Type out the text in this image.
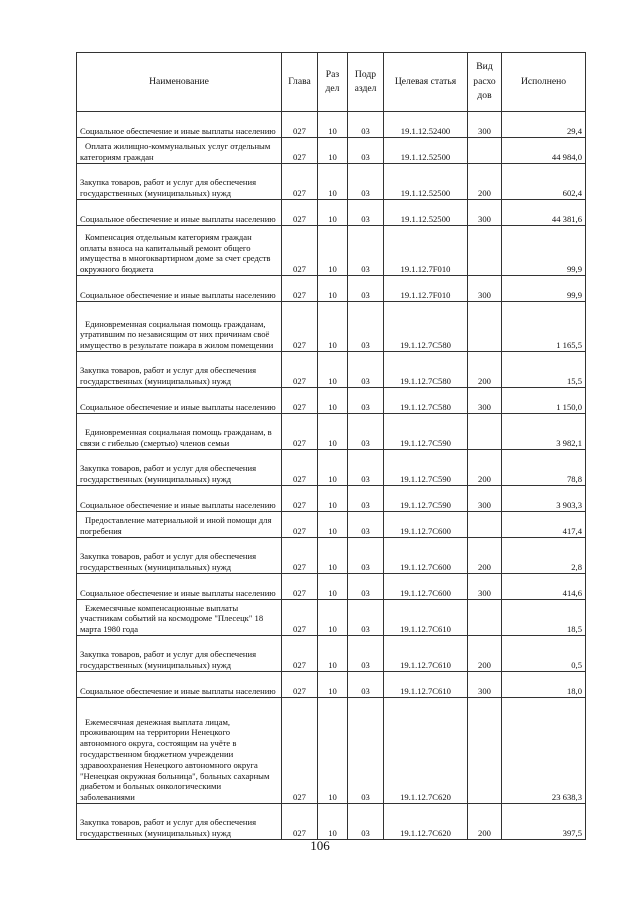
Наименование	Глава	Раз дел	Подр аздел	Целевая статья	Вид расхо дов	Исполнено
Социальное обеспечение и иные выплаты населению	027	10	03	19.1.12.52400	300	29,4
Оплата жилищно-коммунальных услуг отдельным категориям граждан	027	10	03	19.1.12.52500		44 984,0
Закупка товаров, работ и услуг для обеспечения государственных (муниципальных) нужд	027	10	03	19.1.12.52500	200	602,4
Социальное обеспечение и иные выплаты населению	027	10	03	19.1.12.52500	300	44 381,6
Компенсация отдельным категориям граждан оплаты взноса на капитальный ремонт общего имущества в многоквартирном доме за счет средств окружного бюджета	027	10	03	19.1.12.7F010		99,9
Социальное обеспечение и иные выплаты населению	027	10	03	19.1.12.7F010	300	99,9
Единовременная социальная помощь гражданам, утратившим по независящим от них причинам своё имущество в результате пожара в жилом помещении	027	10	03	19.1.12.7C580		1 165,5
Закупка товаров, работ и услуг для обеспечения государственных (муниципальных) нужд	027	10	03	19.1.12.7C580	200	15,5
Социальное обеспечение и иные выплаты населению	027	10	03	19.1.12.7C580	300	1 150,0
Единовременная социальная помощь гражданам, в связи с гибелью (смертью) членов семьи	027	10	03	19.1.12.7C590		3 982,1
Закупка товаров, работ и услуг для обеспечения государственных (муниципальных) нужд	027	10	03	19.1.12.7C590	200	78,8
Социальное обеспечение и иные выплаты населению	027	10	03	19.1.12.7C590	300	3 903,3
Предоставление материальной и иной помощи для погребения	027	10	03	19.1.12.7C600		417,4
Закупка товаров, работ и услуг для обеспечения государственных (муниципальных) нужд	027	10	03	19.1.12.7C600	200	2,8
Социальное обеспечение и иные выплаты населению	027	10	03	19.1.12.7C600	300	414,6
Ежемесячные компенсационные выплаты участникам событий на космодроме "Плесецк" 18 марта 1980 года	027	10	03	19.1.12.7C610		18,5
Закупка товаров, работ и услуг для обеспечения государственных (муниципальных) нужд	027	10	03	19.1.12.7C610	200	0,5
Социальное обеспечение и иные выплаты населению	027	10	03	19.1.12.7C610	300	18,0
Ежемесячная денежная выплата лицам, проживающим на территории Ненецкого автономного округа, состоящим на учёте в государственном бюджетном учреждении здравоохранения Ненецкого автономного округа "Ненецкая окружная больница", больных сахарным диабетом и больных онкологическими заболеваниями	027	10	03	19.1.12.7C620		23 638,3
Закупка товаров, работ и услуг для обеспечения государственных (муниципальных) нужд	027	10	03	19.1.12.7C620	200	397,5
106
